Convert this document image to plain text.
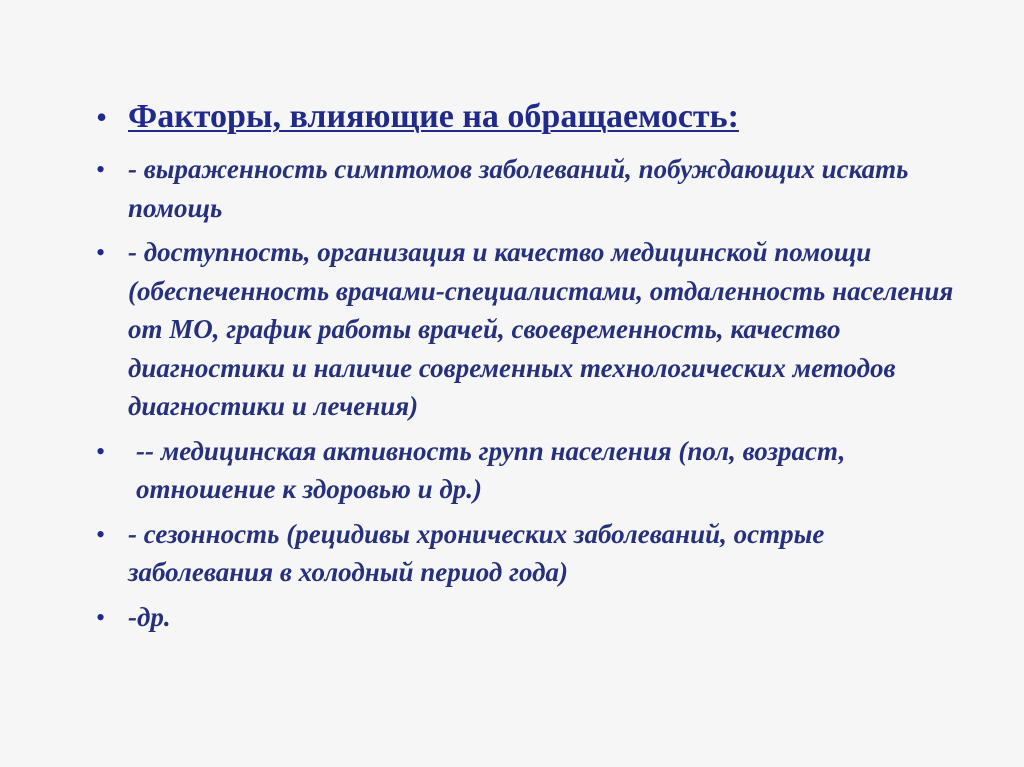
• Факторы, влияющие на обращаемость:
• - выраженность симптомов заболеваний, побуждающих искать помощь
• - доступность, организация и качество медицинской помощи (обеспеченность врачами-специалистами, отдаленность населения от МО, график работы врачей, своевременность, качество диагностики и наличие современных технологических методов диагностики и лечения)
•	-- медицинская активность групп населения (пол, возраст, отношение к здоровью и др.)
• - сезонность (рецидивы хронических заболеваний, острые заболевания в холодный период года)
• -др.
